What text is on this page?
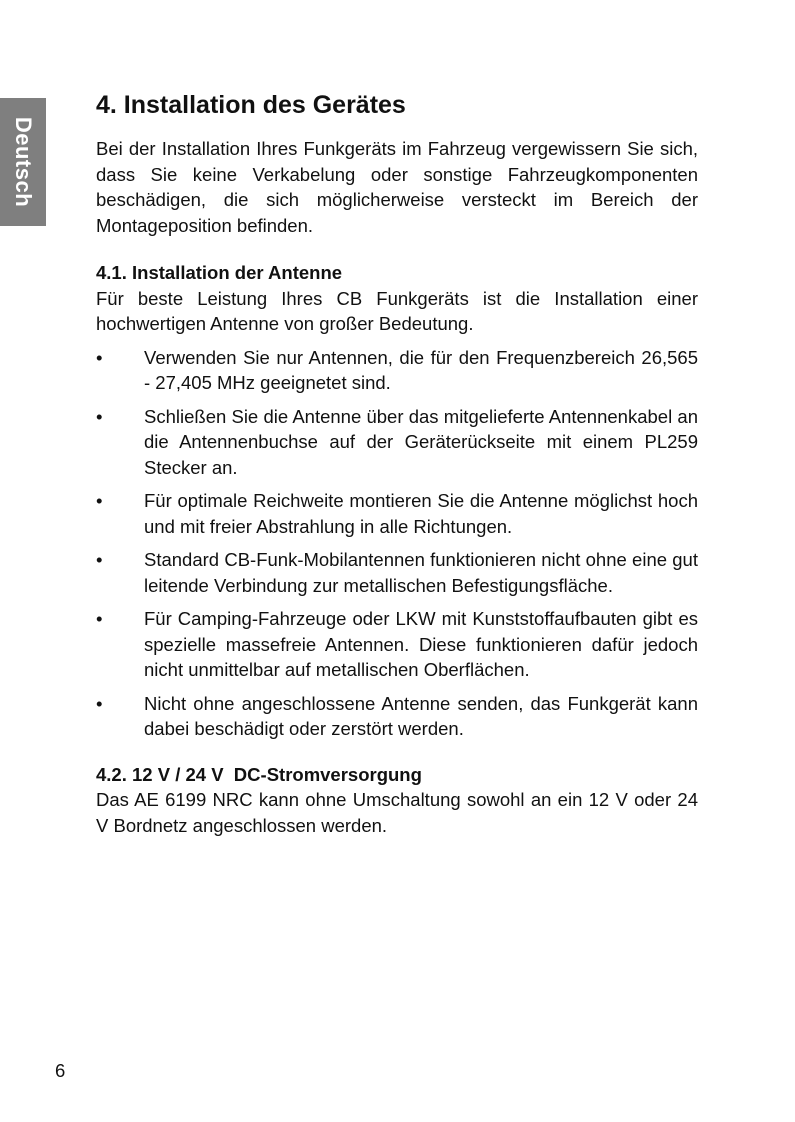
Deutsch
4. Installation des Gerätes

Bei der Installation Ihres Funkgeräts im Fahrzeug vergewissern Sie sich, dass Sie keine Verkabelung oder sonstige Fahrzeugkomponenten beschädigen, die sich möglicherweise versteckt im Bereich der Montageposition befinden.

4.1. Installation der Antenne

Für beste Leistung Ihres CB Funkgeräts ist die Installation einer hochwertigen Antenne von großer Bedeutung.

• Verwenden Sie nur Antennen, die für den Frequenzbereich 26,565 - 27,405 MHz geeignetet sind.
• Schließen Sie die Antenne über das mitgelieferte Antennenkabel an die Antennenbuchse auf der Geräterückseite mit einem PL259 Stecker an.
• Für optimale Reichweite montieren Sie die Antenne möglichst hoch und mit freier Abstrahlung in alle Richtungen.
• Standard CB-Funk-Mobilantennen funktionieren nicht ohne eine gut leitende Verbindung zur metallischen Befestigungsfläche.
• Für Camping-Fahrzeuge oder LKW mit Kunststoffaufbauten gibt es spezielle massefreie Antennen. Diese funktionieren dafür jedoch nicht unmittelbar auf metallischen Oberflächen.
• Nicht ohne angeschlossene Antenne senden, das Funkgerät kann dabei beschädigt oder zerstört werden.
4.2. 12 V / 24 V  DC-Stromversorgung

Das AE 6199 NRC kann ohne Umschaltung sowohl an ein 12 V oder 24 V Bordnetz angeschlossen werden.

6
